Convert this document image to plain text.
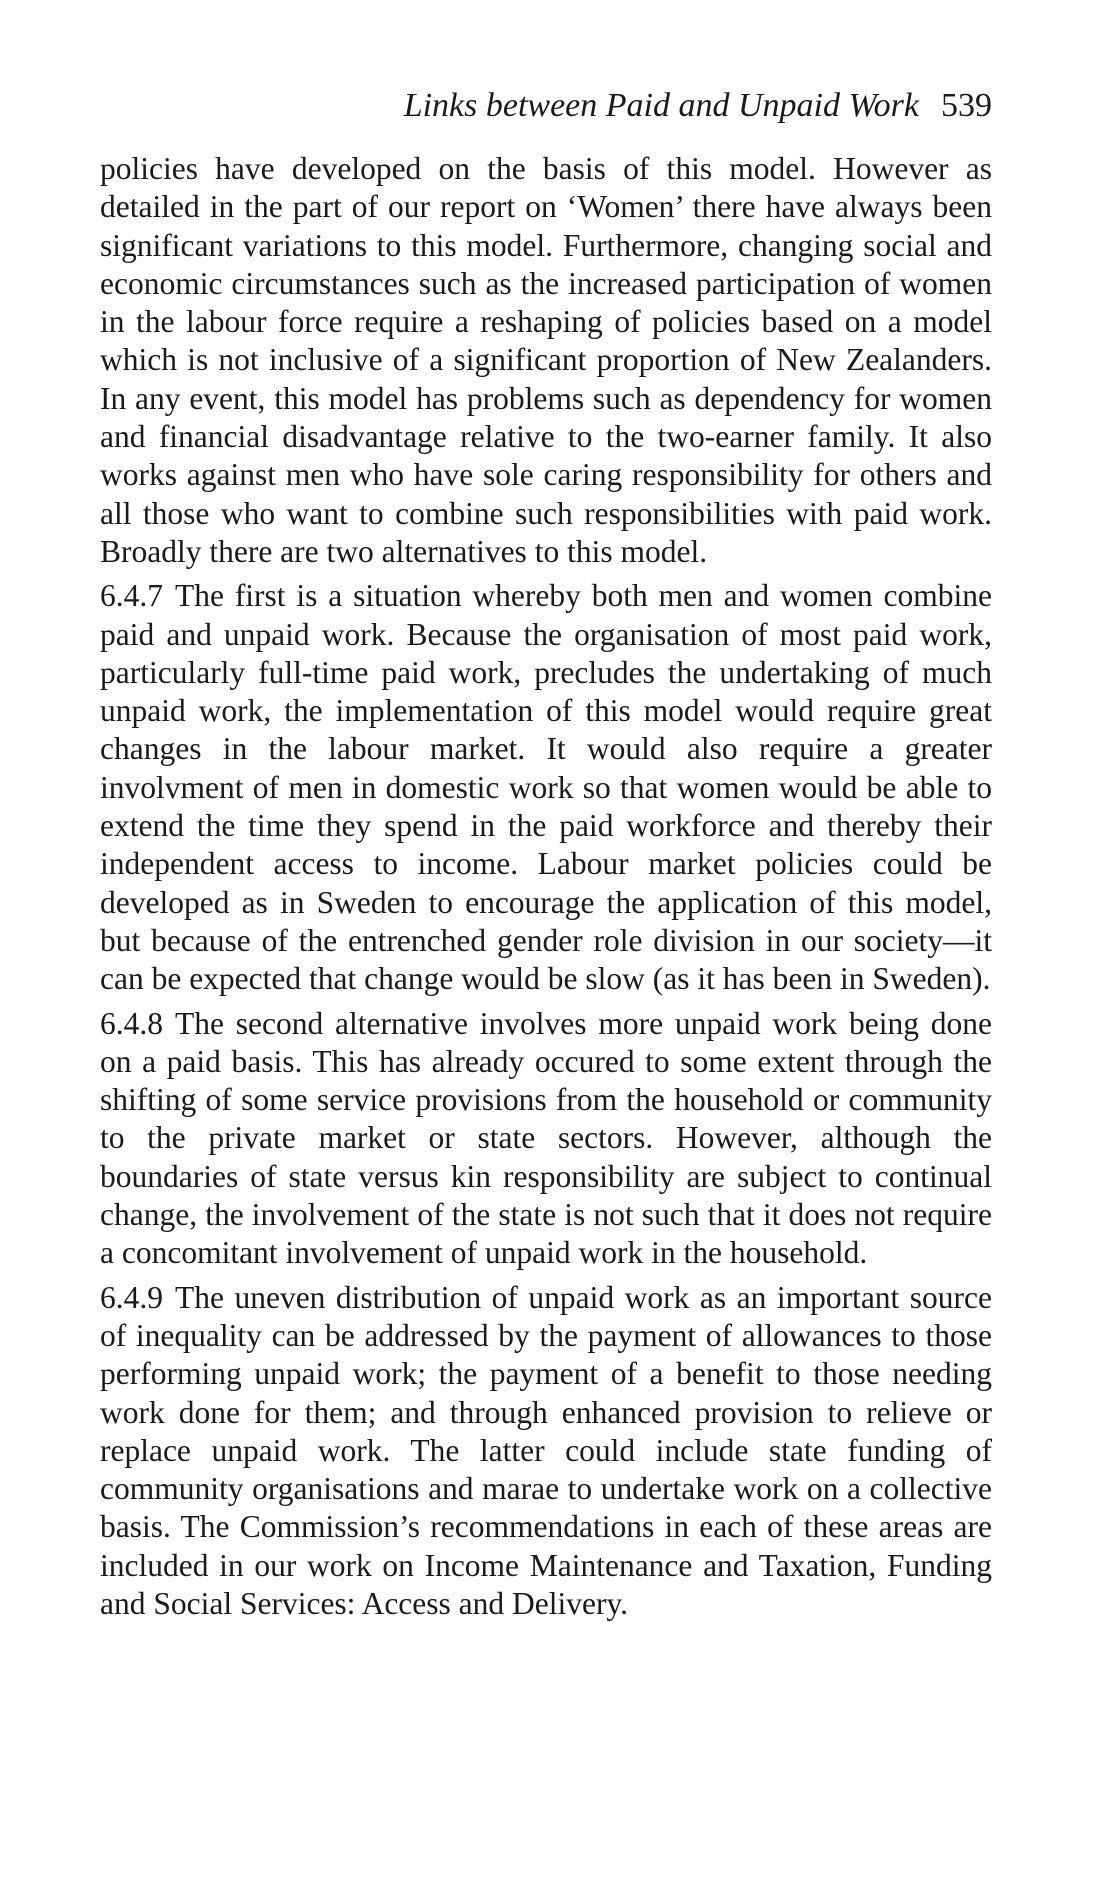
Links between Paid and Unpaid Work 539

policies have developed on the basis of this model. However as detailed in the part of our report on ‘Women’ there have always been significant variations to this model. Furthermore, changing social and economic circumstances such as the increased participation of women in the labour force require a reshaping of policies based on a model which is not inclusive of a significant proportion of New Zealanders. In any event, this model has problems such as dependency for women and financial disadvantage relative to the two-earner family. It also works against men who have sole caring responsibility for others and all those who want to combine such responsibilities with paid work. Broadly there are two alternatives to this model.

6.4.7 The first is a situation whereby both men and women combine paid and unpaid work. Because the organisation of most paid work, particularly full-time paid work, precludes the undertaking of much unpaid work, the implementation of this model would require great changes in the labour market. It would also require a greater involvment of men in domestic work so that women would be able to extend the time they spend in the paid workforce and thereby their independent access to income. Labour market policies could be developed as in Sweden to encourage the application of this model, but because of the entrenched gender role division in our society—it can be expected that change would be slow (as it has been in Sweden).

6.4.8 The second alternative involves more unpaid work being done on a paid basis. This has already occured to some extent through the shifting of some service provisions from the household or community to the private market or state sectors. However, although the boundaries of state versus kin responsibility are subject to continual change, the involvement of the state is not such that it does not require a concomitant involvement of unpaid work in the household.

6.4.9 The uneven distribution of unpaid work as an important source of inequality can be addressed by the payment of allowances to those performing unpaid work; the payment of a benefit to those needing work done for them; and through enhanced provision to relieve or replace unpaid work. The latter could include state funding of community organisations and marae to undertake work on a collective basis. The Commission’s recommendations in each of these areas are included in our work on Income Maintenance and Taxation, Funding and Social Services: Access and Delivery.
